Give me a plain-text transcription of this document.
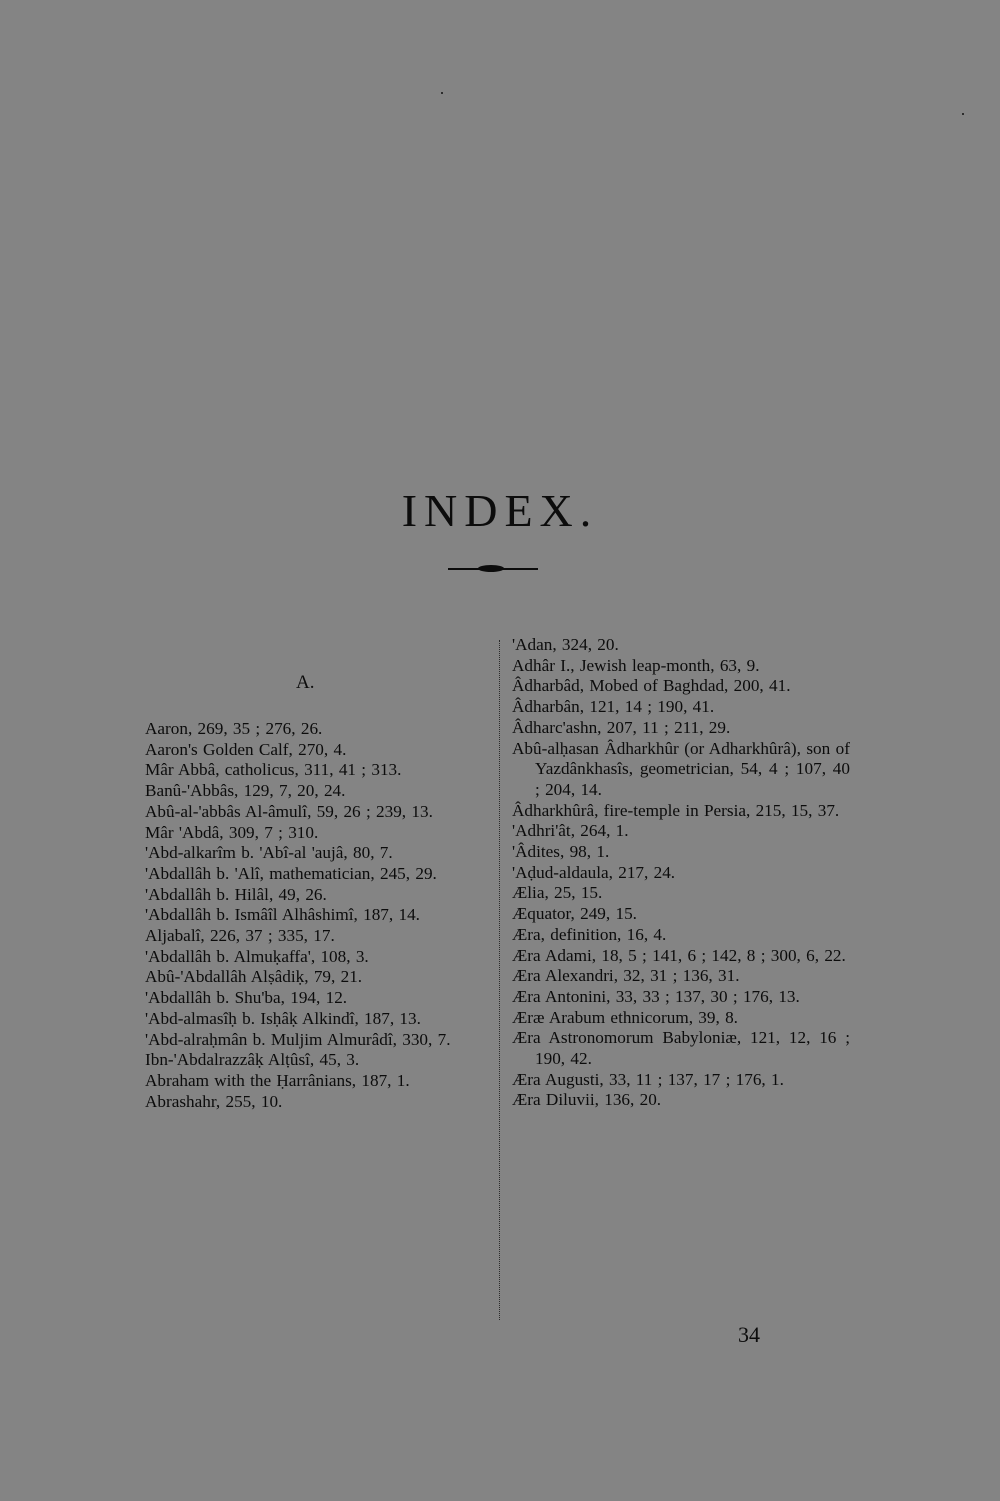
INDEX.
A.
Aaron, 269, 35 ; 276, 26.
Aaron's Golden Calf, 270, 4.
Mâr Abbâ, catholicus, 311, 41 ; 313.
Banû-'Abbâs, 129, 7, 20, 24.
Abû-al-'abbâs Al-âmulî, 59, 26 ; 239, 13.
Mâr 'Abdâ, 309, 7 ; 310.
'Abd-alkarîm b. 'Abî-al 'aujâ, 80, 7.
'Abdallâh b. 'Alî, mathematician, 245, 29.
'Abdallâh b. Hilâl, 49, 26.
'Abdallâh b. Ismâîl Alhâshimî, 187, 14.
Aljabalî, 226, 37 ; 335, 17.
'Abdallâh b. Almuḳaffa', 108, 3.
Abû-'Abdallâh Alṣâdiḳ, 79, 21.
'Abdallâh b. Shu'ba, 194, 12.
'Abd-almasîḥ b. Isḥâḳ Alkindî, 187, 13.
'Abd-alraḥmân b. Muljim Almurâdî, 330, 7.
Ibn-'Abdalrazzâḳ Alṭûsî, 45, 3.
Abraham with the Ḥarrânians, 187, 1.
Abrashahr, 255, 10.
'Adan, 324, 20.
Adhâr I., Jewish leap-month, 63, 9.
Âdharbâd, Mobed of Baghdad, 200, 41.
Âdharbân, 121, 14 ; 190, 41.
Âdharc'ashn, 207, 11 ; 211, 29.
Abû-alḥasan Âdharkhûr (or Adharkhûrâ), son of Yazdânkhasîs, geometrician, 54, 4 ; 107, 40 ; 204, 14.
Âdharkhûrâ, fire-temple in Persia, 215, 15, 37.
'Adhri'ât, 264, 1.
'Âdites, 98, 1.
'Aḍud-aldaula, 217, 24.
Ælia, 25, 15.
Æquator, 249, 15.
Æra, definition, 16, 4.
Æra Adami, 18, 5 ; 141, 6 ; 142, 8 ; 300, 6, 22.
Æra Alexandri, 32, 31 ; 136, 31.
Æra Antonini, 33, 33 ; 137, 30 ; 176, 13.
Æræ Arabum ethnicorum, 39, 8.
Æra Astronomorum Babyloniæ, 121, 12, 16 ; 190, 42.
Æra Augusti, 33, 11 ; 137, 17 ; 176, 1.
Æra Diluvii, 136, 20.
34
